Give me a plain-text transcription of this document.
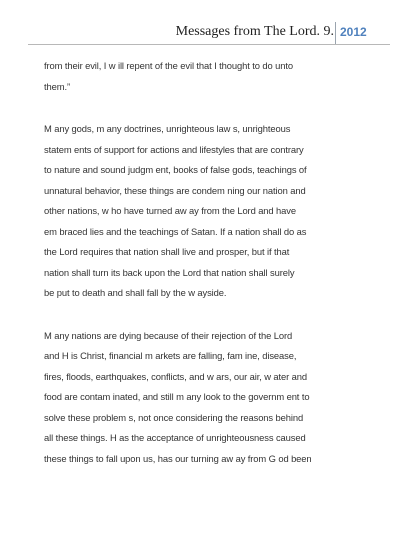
Messages from The Lord. 9. 2012
from their evil, I w ill repent of the evil that I thought to do unto
them.”
M any gods, m any doctrines, unrighteous law s, unrighteous
statem ents of support for actions and lifestyles that are contrary
to nature and sound judgm ent, books of false gods, teachings of
unnatural behavior, these things are condem ning our nation and
other nations, w ho have turned aw ay from the Lord and have
em braced lies and the teachings of Satan. If a nation shall do as
the Lord requires that nation shall live and prosper, but if that
nation shall turn its back upon the Lord that nation shall surely
be put to death and shall fall by the w ayside.
M any nations are dying because of their rejection of the Lord
and H is Christ, financial m arkets are falling, fam ine, disease,
fires, floods, earthquakes, conflicts, and w ars, our air, w ater and
food are contam inated, and still m any look to the governm ent to
solve these problem s, not once considering the reasons behind
all these things. H as the acceptance of unrighteousness caused
these things to fall upon us, has our turning aw ay from G od been
